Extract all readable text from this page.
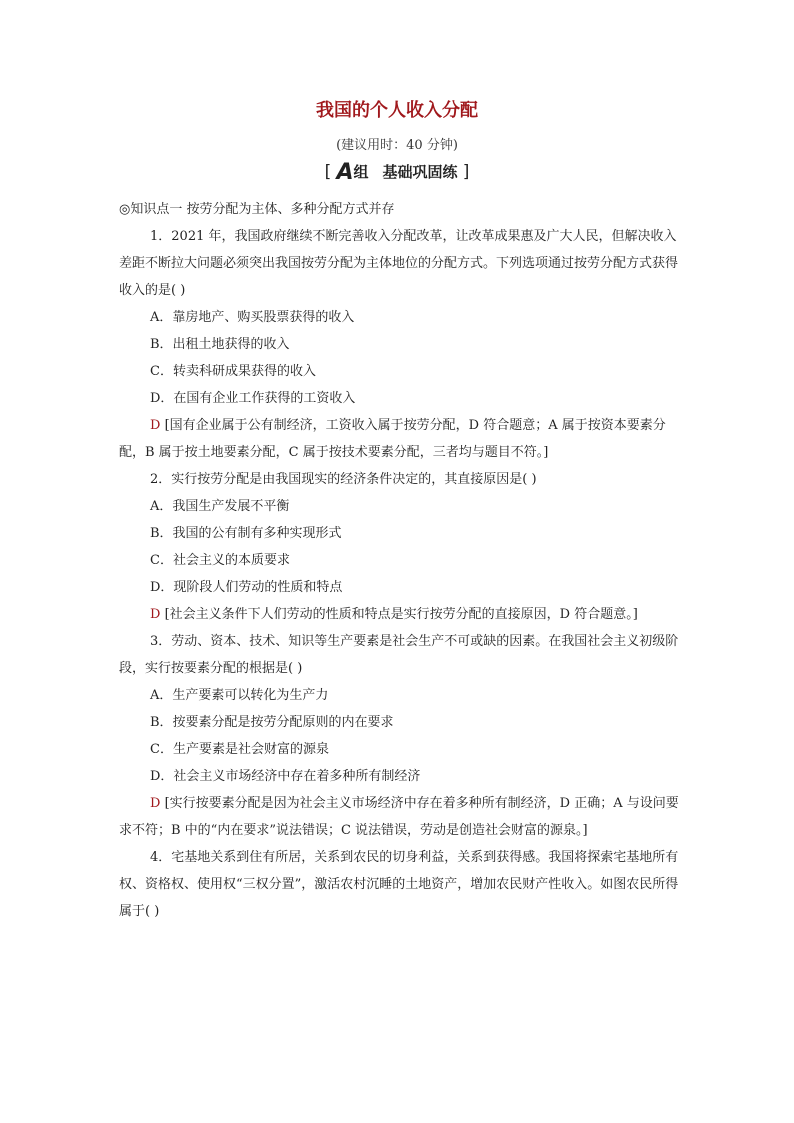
我国的个人收入分配
(建议用时：40 分钟)
[ A组 基础巩固练 ]
◎知识点一 按劳分配为主体、多种分配方式并存
1．2021 年，我国政府继续不断完善收入分配改革，让改革成果惠及广大人民，但解决收入差距不断拉大问题必须突出我国按劳分配为主体地位的分配方式。下列选项通过按劳分配方式获得收入的是( )
A．靠房地产、购买股票获得的收入
B．出租土地获得的收入
C．转卖科研成果获得的收入
D．在国有企业工作获得的工资收入
D [国有企业属于公有制经济，工资收入属于按劳分配，D 符合题意；A 属于按资本要素分配，B 属于按土地要素分配，C 属于按技术要素分配，三者均与题目不符。]
2．实行按劳分配是由我国现实的经济条件决定的，其直接原因是( )
A．我国生产发展不平衡
B．我国的公有制有多种实现形式
C．社会主义的本质要求
D．现阶段人们劳动的性质和特点
D [社会主义条件下人们劳动的性质和特点是实行按劳分配的直接原因，D 符合题意。]
3．劳动、资本、技术、知识等生产要素是社会生产不可或缺的因素。在我国社会主义初级阶段，实行按要素分配的根据是( )
A．生产要素可以转化为生产力
B．按要素分配是按劳分配原则的内在要求
C．生产要素是社会财富的源泉
D．社会主义市场经济中存在着多种所有制经济
D [实行按要素分配是因为社会主义市场经济中存在着多种所有制经济，D 正确；A 与设问要求不符；B 中的“内在要求”说法错误；C 说法错误，劳动是创造社会财富的源泉。]
4．宅基地关系到住有所居，关系到农民的切身利益，关系到获得感。我国将探索宅基地所有权、资格权、使用权“三权分置”，激活农村沉睡的土地资产，增加农民财产性收入。如图农民所得属于( )
